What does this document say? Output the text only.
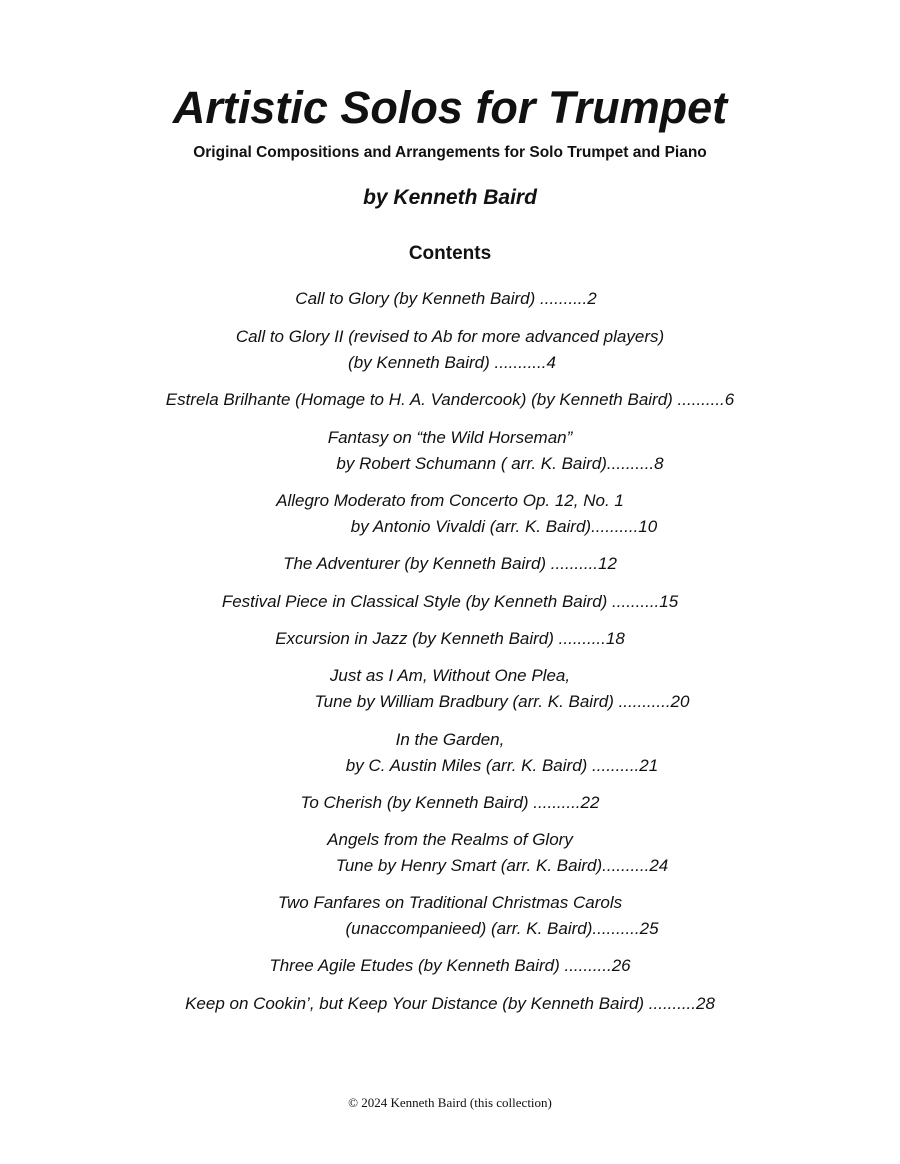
Artistic Solos for Trumpet
Original Compositions and Arrangements for Solo Trumpet and Piano
by Kenneth Baird
Contents
Call to Glory (by Kenneth Baird) ..........2
Call to Glory II (revised to Ab for more advanced players)
(by Kenneth Baird) ...........4
Estrela Brilhante (Homage to H. A. Vandercook) (by Kenneth Baird) ..........6
Fantasy on “the Wild Horseman”
by Robert Schumann ( arr. K. Baird)..........8
Allegro Moderato from Concerto Op. 12, No. 1
by Antonio Vivaldi (arr. K. Baird)..........10
The Adventurer (by Kenneth Baird) ..........12
Festival Piece in Classical Style (by Kenneth Baird) ..........15
Excursion in Jazz (by Kenneth Baird) ..........18
Just as I Am, Without One Plea,
Tune by William Bradbury (arr. K. Baird) ...........20
In the Garden,
by C. Austin Miles (arr. K. Baird) ..........21
To Cherish (by Kenneth Baird) ..........22
Angels from the Realms of Glory
Tune by Henry Smart (arr. K. Baird)..........24
Two Fanfares on Traditional Christmas Carols
(unaccompanieed) (arr. K. Baird)..........25
Three Agile Etudes (by Kenneth Baird) ..........26
Keep on Cookin’, but Keep Your Distance (by Kenneth Baird) ..........28
© 2024 Kenneth Baird (this collection)
